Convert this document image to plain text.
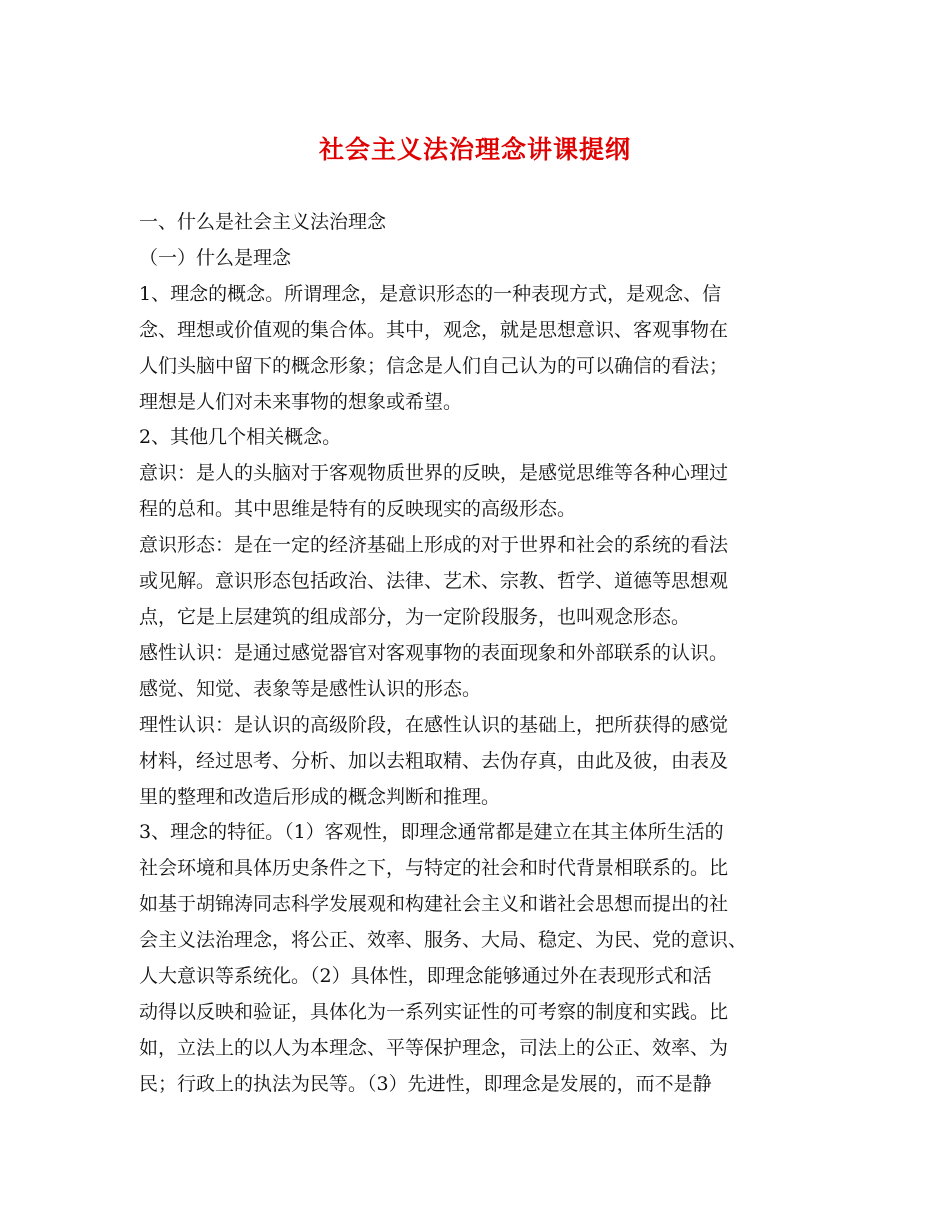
社会主义法治理念讲课提纲
一、什么是社会主义法治理念
（一）什么是理念
1、理念的概念。所谓理念，是意识形态的一种表现方式，是观念、信
念、理想或价值观的集合体。其中，观念，就是思想意识、客观事物在
人们头脑中留下的概念形象；信念是人们自己认为的可以确信的看法；
理想是人们对未来事物的想象或希望。
2、其他几个相关概念。
意识：是人的头脑对于客观物质世界的反映，是感觉思维等各种心理过
程的总和。其中思维是特有的反映现实的高级形态。
意识形态：是在一定的经济基础上形成的对于世界和社会的系统的看法
或见解。意识形态包括政治、法律、艺术、宗教、哲学、道德等思想观
点，它是上层建筑的组成部分，为一定阶段服务，也叫观念形态。
感性认识：是通过感觉器官对客观事物的表面现象和外部联系的认识。
感觉、知觉、表象等是感性认识的形态。
理性认识：是认识的高级阶段，在感性认识的基础上，把所获得的感觉
材料，经过思考、分析、加以去粗取精、去伪存真，由此及彼，由表及
里的整理和改造后形成的概念判断和推理。
3、理念的特征。（1）客观性，即理念通常都是建立在其主体所生活的
社会环境和具体历史条件之下，与特定的社会和时代背景相联系的。比
如基于胡锦涛同志科学发展观和构建社会主义和谐社会思想而提出的社
会主义法治理念，将公正、效率、服务、大局、稳定、为民、党的意识、
人大意识等系统化。（2）具体性，即理念能够通过外在表现形式和活
动得以反映和验证，具体化为一系列实证性的可考察的制度和实践。比
如，立法上的以人为本理念、平等保护理念，司法上的公正、效率、为
民；行政上的执法为民等。（3）先进性，即理念是发展的，而不是静
